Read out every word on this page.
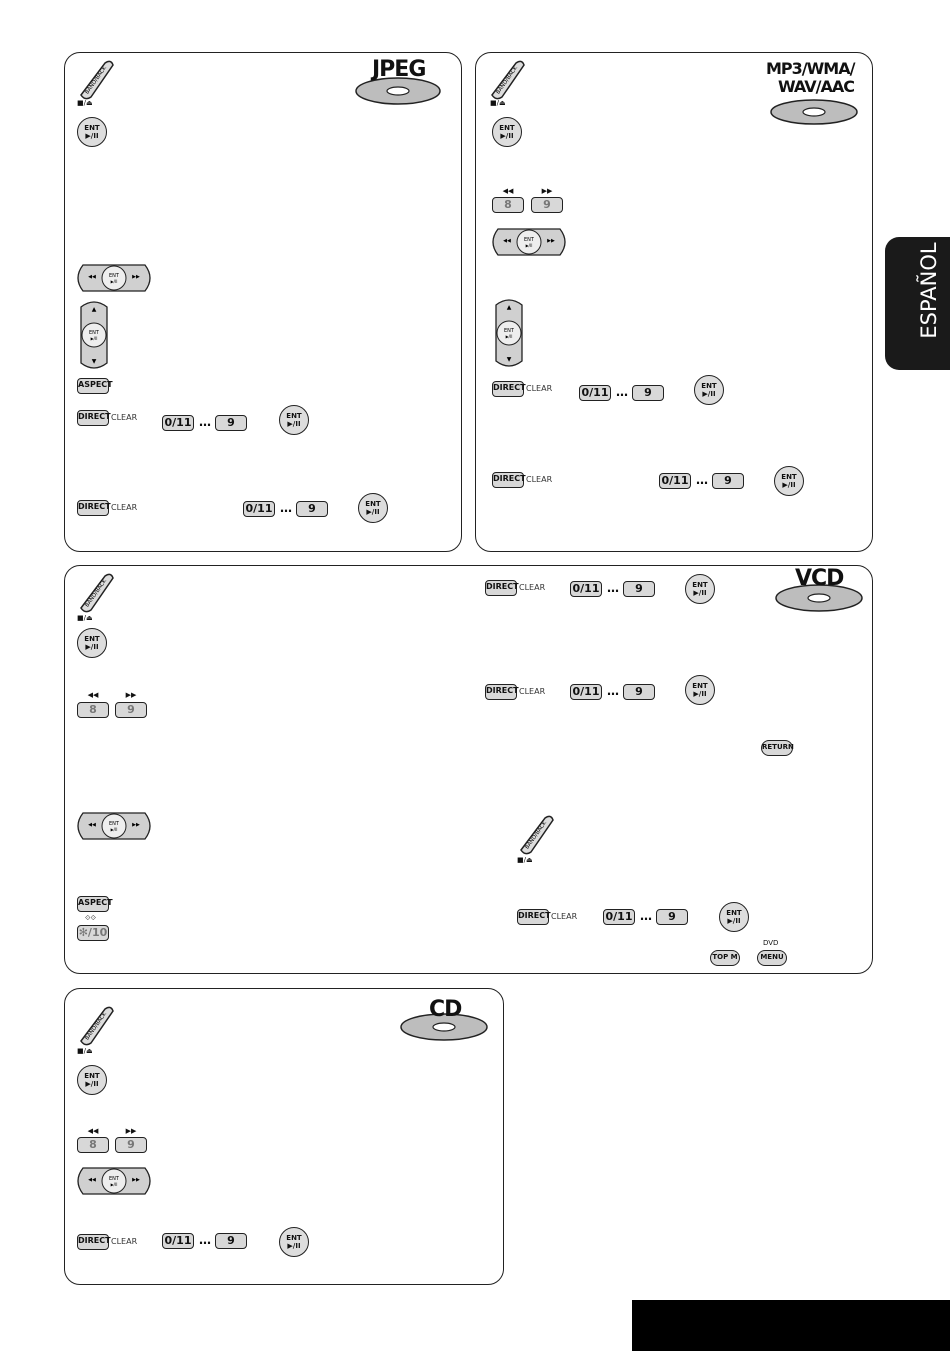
ESPAÑOL
JPEG
BAND/BACK
■/⏏
ENT
▶/II
ENT
▶/II
◀◀	▶▶
ENT
▶/II
▲
▼
ASPECT
DIRECT CLEAR 0/11 …	9	ENT
▶/II
DIRECT CLEAR	0/11 …	9	ENT
▶/II
MP3/WMA/
WAV/AAC
BAND/BACK
■/⏏
ENT
▶/II
◀◀	▶▶
8	9
ENT
▶/II
◀◀	▶▶
ENT
▶/II
▲
▼
DIRECT CLEAR	0/11 …	9	ENT
▶/II
DIRECT CLEAR	0/11 …	9	ENT
▶/II
VCD
BAND/BACK
■/⏏
ENT
▶/II
◀◀	▶▶
8	9
ENT
▶/II
◀◀	▶▶
ASPECT
⟐⟐
✻/10
DIRECT CLEAR 0/11 …	9	ENT
▶/II
DIRECT CLEAR 0/11 …	9	ENT
▶/II
RETURN
BAND/BACK
■/⏏
DIRECT CLEAR	0/11 …	9	ENT
▶/II
TOP M
DVD
MENU
CD
BAND/BACK
■/⏏
ENT
▶/II
◀◀	▶▶
8	9
ENT
▶/II
◀◀	▶▶
DIRECT CLEAR 0/11 …	9	ENT
▶/II
